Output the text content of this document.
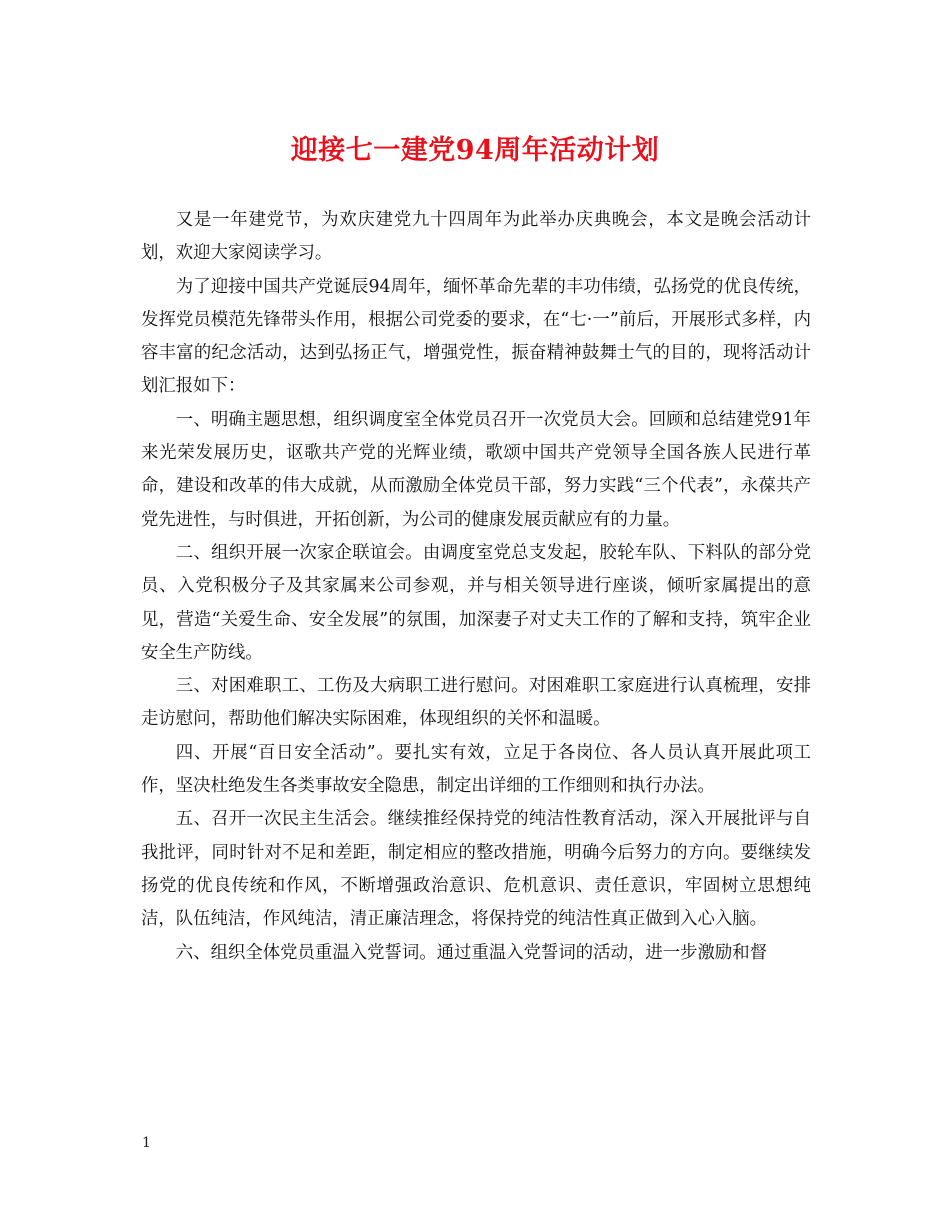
迎接七一建党94周年活动计划

又是一年建党节，为欢庆建党九十四周年为此举办庆典晚会，本文是晚会活动计划，欢迎大家阅读学习。

为了迎接中国共产党诞辰94周年，缅怀革命先辈的丰功伟绩，弘扬党的优良传统，发挥党员模范先锋带头作用，根据公司党委的要求，在“七·一”前后，开展形式多样，内容丰富的纪念活动，达到弘扬正气，增强党性，振奋精神鼓舞士气的目的，现将活动计划汇报如下：

一、明确主题思想，组织调度室全体党员召开一次党员大会。回顾和总结建党91年来光荣发展历史，讴歌共产党的光辉业绩，歌颂中国共产党领导全国各族人民进行革命，建设和改革的伟大成就，从而激励全体党员干部，努力实践“三个代表”，永葆共产党先进性，与时俱进，开拓创新，为公司的健康发展贡献应有的力量。

二、组织开展一次家企联谊会。由调度室党总支发起，胶轮车队、下料队的部分党员、入党积极分子及其家属来公司参观，并与相关领导进行座谈，倾听家属提出的意见，营造“关爱生命、安全发展”的氛围，加深妻子对丈夫工作的了解和支持，筑牢企业安全生产防线。

三、对困难职工、工伤及大病职工进行慰问。对困难职工家庭进行认真梳理，安排走访慰问，帮助他们解决实际困难，体现组织的关怀和温暖。

四、开展“百日安全活动”。要扎实有效，立足于各岗位、各人员认真开展此项工作，坚决杜绝发生各类事故安全隐患，制定出详细的工作细则和执行办法。

五、召开一次民主生活会。继续推经保持党的纯洁性教育活动，深入开展批评与自我批评，同时针对不足和差距，制定相应的整改措施，明确今后努力的方向。要继续发扬党的优良传统和作风，不断增强政治意识、危机意识、责任意识，牢固树立思想纯洁，队伍纯洁，作风纯洁，清正廉洁理念，将保持党的纯洁性真正做到入心入脑。

六、组织全体党员重温入党誓词。通过重温入党誓词的活动，进一步激励和督

1
